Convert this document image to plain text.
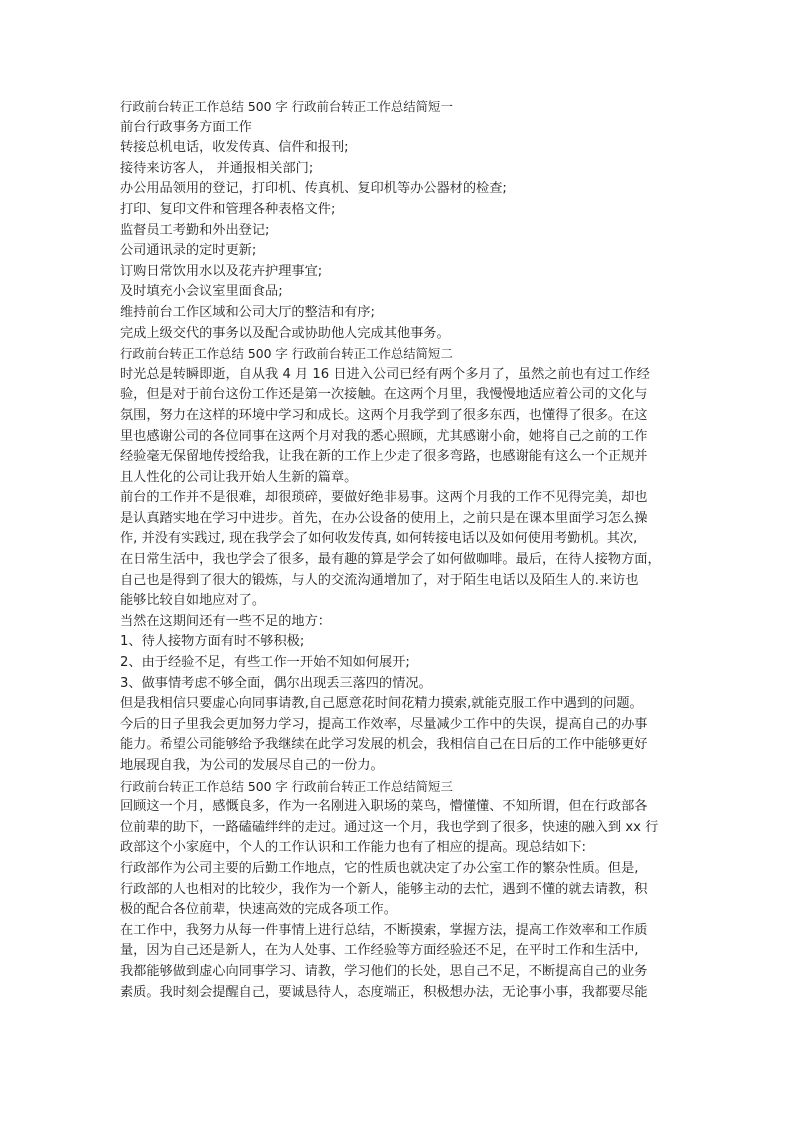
行政前台转正工作总结 500 字 行政前台转正工作总结简短一
前台行政事务方面工作
转接总机电话，收发传真、信件和报刊;
接待来访客人， 并通报相关部门;
办公用品领用的登记，打印机、传真机、复印机等办公器材的检查;
打印、复印文件和管理各种表格文件;
监督员工考勤和外出登记;
公司通讯录的定时更新;
订购日常饮用水以及花卉护理事宜;
及时填充小会议室里面食品;
维持前台工作区域和公司大厅的整洁和有序;
完成上级交代的事务以及配合或协助他人完成其他事务。
行政前台转正工作总结 500 字 行政前台转正工作总结简短二
时光总是转瞬即逝，自从我 4 月 16 日进入公司已经有两个多月了，虽然之前也有过工作经
验，但是对于前台这份工作还是第一次接触。在这两个月里，我慢慢地适应着公司的文化与
氛围，努力在这样的环境中学习和成长。这两个月我学到了很多东西，也懂得了很多。在这
里也感谢公司的各位同事在这两个月对我的悉心照顾，尤其感谢小俞，她将自己之前的工作
经验毫无保留地传授给我，让我在新的工作上少走了很多弯路，也感谢能有这么一个正规并
且人性化的公司让我开始人生新的篇章。
前台的工作并不是很难，却很琐碎，要做好绝非易事。这两个月我的工作不见得完美，却也
是认真踏实地在学习中进步。首先，在办公设备的使用上，之前只是在课本里面学习怎么操
作, 并没有实践过, 现在我学会了如何收发传真, 如何转接电话以及如何使用考勤机。其次,
在日常生活中，我也学会了很多，最有趣的算是学会了如何做咖啡。最后，在待人接物方面，
自己也是得到了很大的锻炼，与人的交流沟通增加了，对于陌生电话以及陌生人的.来访也
能够比较自如地应对了。
当然在这期间还有一些不足的地方：
1、待人接物方面有时不够积极;
2、由于经验不足，有些工作一开始不知如何展开;
3、做事情考虑不够全面，偶尔出现丢三落四的情况。
但是我相信只要虚心向同事请教,自己愿意花时间花精力摸索,就能克服工作中遇到的问题。
今后的日子里我会更加努力学习，提高工作效率，尽量减少工作中的失误，提高自己的办事
能力。希望公司能够给予我继续在此学习发展的机会，我相信自己在日后的工作中能够更好
地展现自我，为公司的发展尽自己的一份力。
行政前台转正工作总结 500 字 行政前台转正工作总结简短三
回顾这一个月，感慨良多，作为一名刚进入职场的菜鸟，懵懂懂、不知所谓，但在行政部各
位前辈的助下，一路磕磕绊绊的走过。通过这一个月，我也学到了很多，快速的融入到 xx 行
政部这个小家庭中，个人的工作认识和工作能力也有了相应的提高。现总结如下:
行政部作为公司主要的后勤工作地点，它的性质也就决定了办公室工作的繁杂性质。但是,
行政部的人也相对的比较少，我作为一个新人，能够主动的去忙，遇到不懂的就去请教，积
极的配合各位前辈，快速高效的完成各项工作。
在工作中，我努力从每一件事情上进行总结，不断摸索，掌握方法，提高工作效率和工作质
量，因为自己还是新人，在为人处事、工作经验等方面经验还不足，在平时工作和生活中,
我都能够做到虚心向同事学习、请教，学习他们的长处，思自己不足，不断提高自己的业务
素质。我时刻会提醒自己，要诚恳待人，态度端正，积极想办法，无论事小事，我都要尽能
